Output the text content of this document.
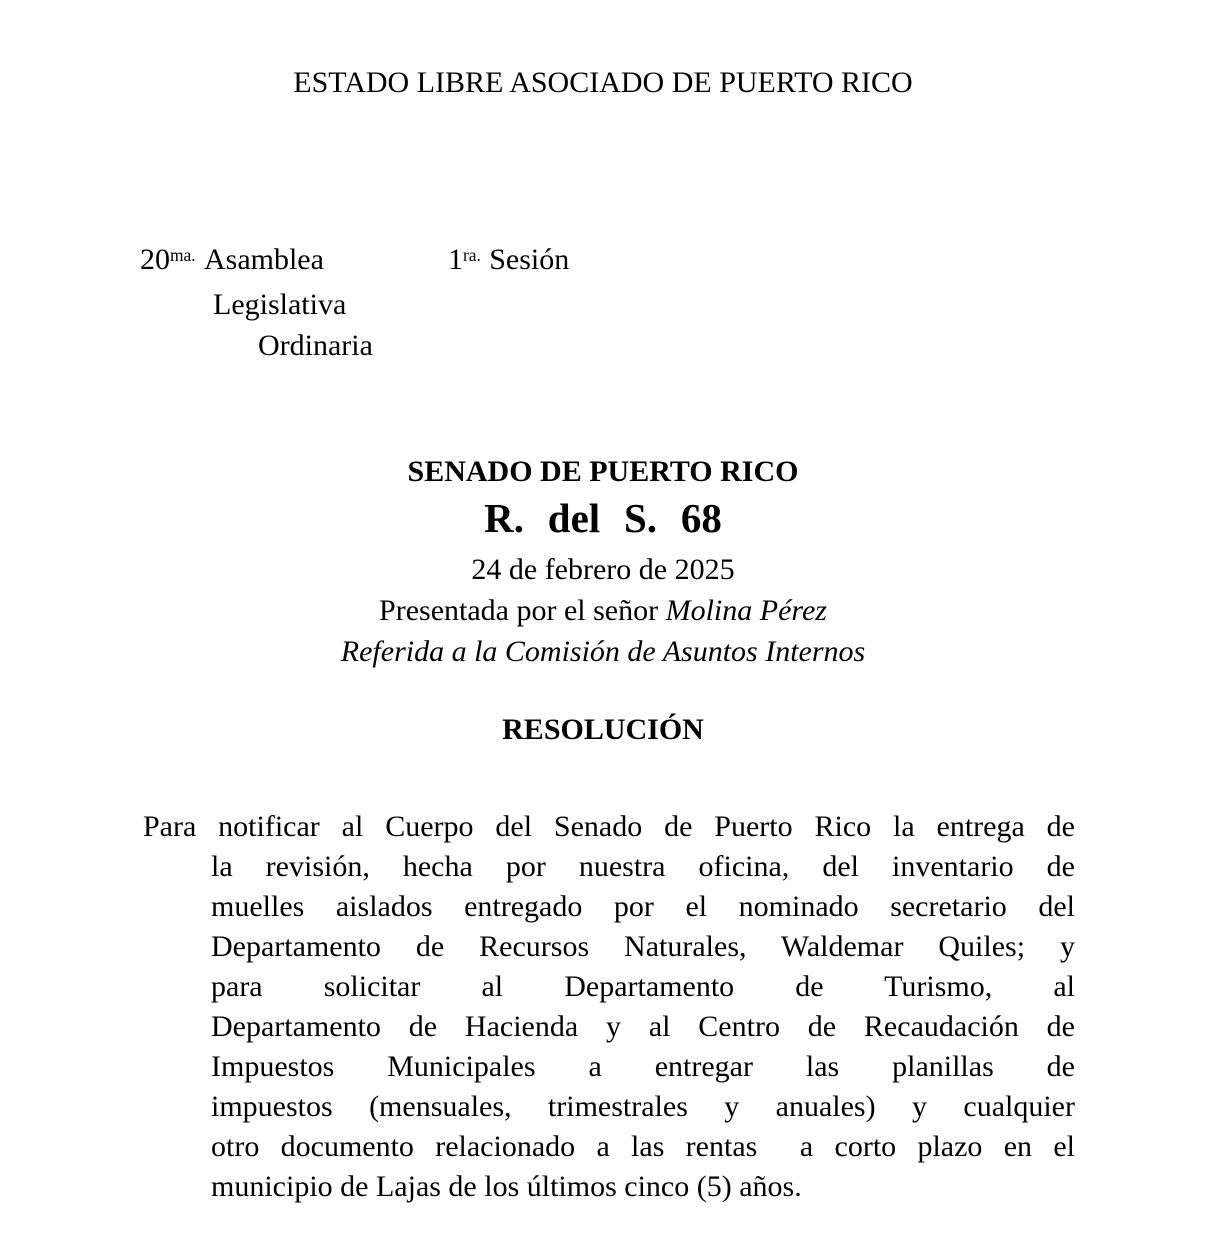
ESTADO LIBRE ASOCIADO DE PUERTO RICO
$20^{ma.}$ Asamblea	$1^{ra.}$ Sesión
Legislativa
Ordinaria
SENADO DE PUERTO RICO
R. del S. 68
24 de febrero de 2025
Presentada por el señor Molina Pérez
Referida a la Comisión de Asuntos Internos
RESOLUCIÓN
Para notificar al Cuerpo del Senado de Puerto Rico la entrega de
la revisión, hecha por nuestra oficina, del inventario de
muelles aislados entregado por el nominado secretario del
Departamento de Recursos Naturales, Waldemar Quiles; y
para solicitar al Departamento de Turismo, al
Departamento de Hacienda y al Centro de Recaudación de
Impuestos Municipales a entregar las planillas de
impuestos (mensuales, trimestrales y anuales) y cualquier
otro documento relacionado a las rentas  a corto plazo en el
municipio de Lajas de los últimos cinco (5) años.
